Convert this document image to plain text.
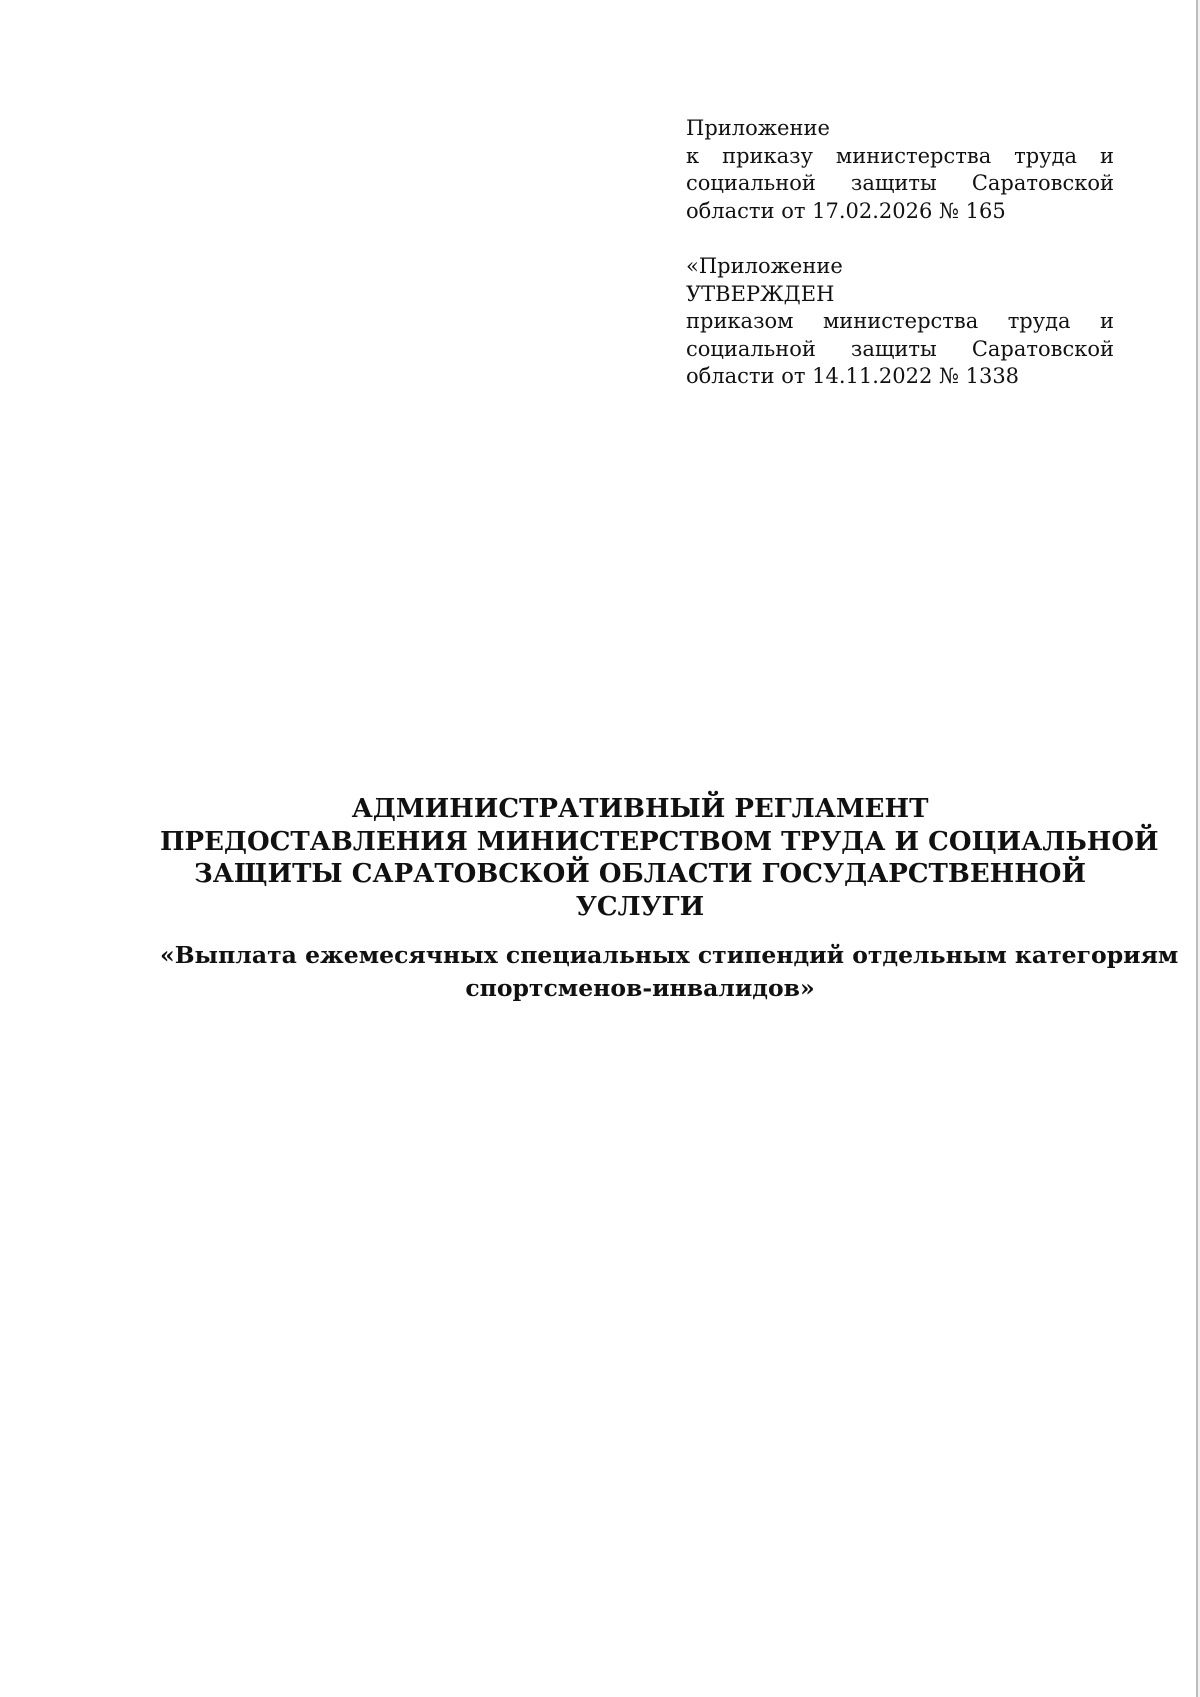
Приложение
к приказу министерства труда и
социальной защиты Саратовской
области от 17.02.2026 № 165
«Приложение
УТВЕРЖДЕН
приказом министерства труда и
социальной защиты Саратовской
области от 14.11.2022 № 1338
АДМИНИСТРАТИВНЫЙ РЕГЛАМЕНТ
ПРЕДОСТАВЛЕНИЯ МИНИСТЕРСТВОМ ТРУДА И СОЦИАЛЬНОЙ
ЗАЩИТЫ САРАТОВСКОЙ ОБЛАСТИ ГОСУДАРСТВЕННОЙ
УСЛУГИ
«Выплата ежемесячных специальных стипендий отдельным категориям
спортсменов-инвалидов»
